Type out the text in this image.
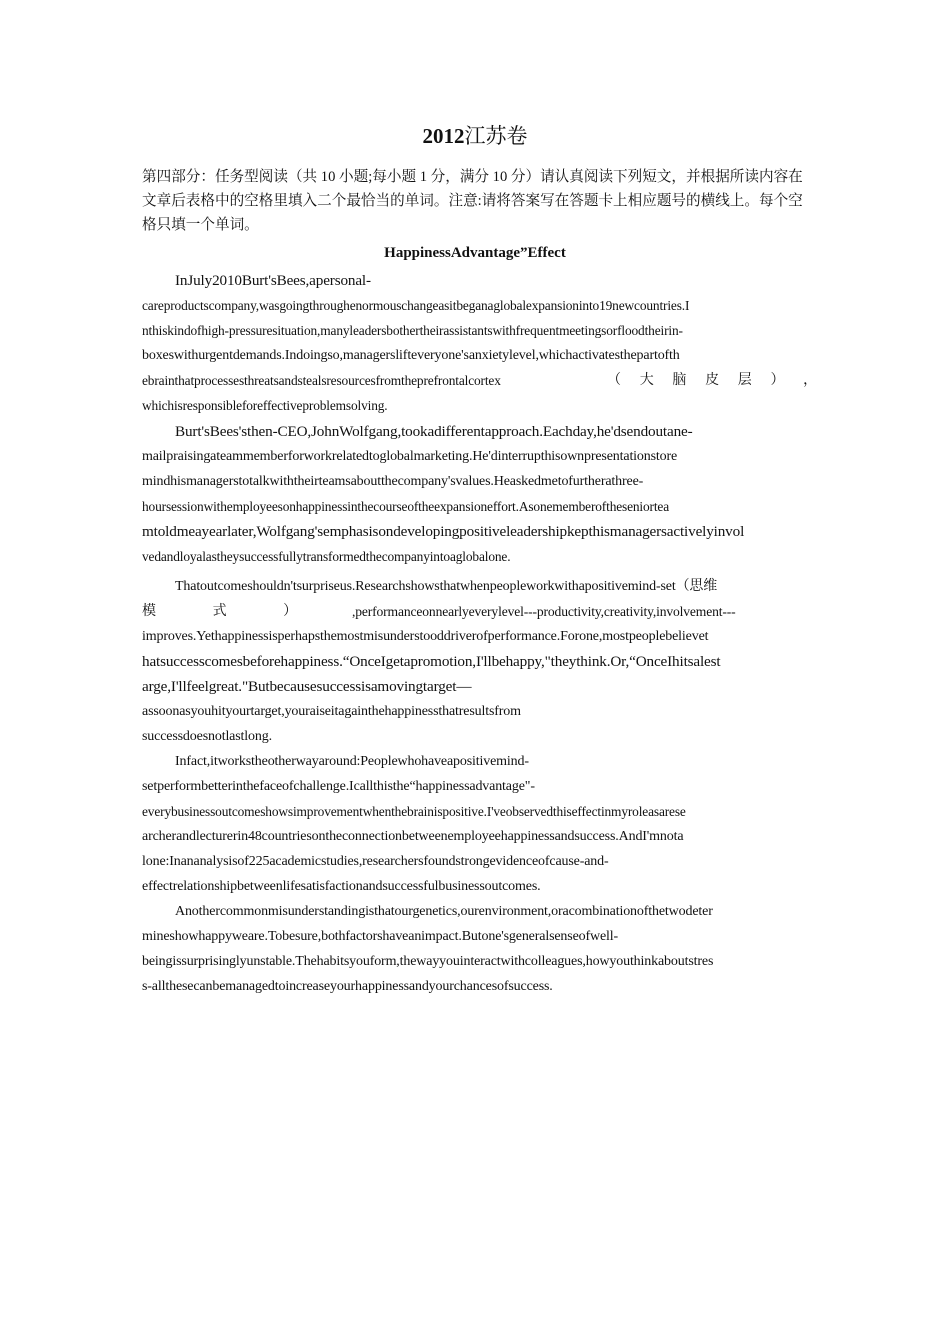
2012江苏卷

第四部分：任务型阅读（共 10 小题;每小题 1 分，满分 10 分）请认真阅读下列短文，并根据所读内容在文章后表格中的空格里填入二个最恰当的单词。注意:请将答案写在答题卡上相应题号的横线上。每个空格只填一个单词。

HappinessAdvantage”Effect

InJuly2010Burt'sBees,apersonal-

careproductscompany,wasgoingthroughenormouschangeasitbeganaglobalexpansioninto19newcountries.I

nthiskindofhigh-pressuresituation,manyleadersbothertheirassistantswithfrequentmeetingsorfloodtheirin-

boxeswithurgentdemands.Indoingso,managersliftеveryone'sanxietylevel,whichactivatesthepartofth

ebrainthatprocessesthreatsandstealsresourcesfromtheprefrontalcortex	（ 大 脑 皮 层 ） ，

whichisresponsibleforeffectiveproblemsolving.

Burt'sBees'sthen-CEO,JohnWolfgang,tookadifferentapproach.Eachday,he'dsendoutane-

mailpraisingateammemberforworkrelatedtoglobalmarketing.He'dinterrupthisownpresentationstore

mindhismanagerstotalkwiththeirteamsaboutthecompany'svalues.Heaskedmetofurtherathree-

hoursessionwithemployeesonhappinessinthecourseoftheexpansioneffort.Asonememberoftheseniortea

mtoldmeayearlater,Wolfgang'semphasisondevelopingpositiveleadershipkepthismanagersactivelyinvol

vedandloyalastheysuccessfullytransformedthecompanyintoaglobalone.

Thatoutcomeshouldn'tsurpriseus.Researchshowsthatwhenpeopleworkwithapositivemind-set（思维

模	式	）	,performanceonnearlyeverylevel---productivity,creativity,involvement---

improves.Yethappinessisperhapsthemostmisunderstooddriverofperformance.Forone,mostpeoplebelievet

hatsuccesscomesbeforehappiness.“OnceIgetapromotion,I'llbehappy,"theythink.Or,“OnceIhitsalest

arge,I'llfeelgreat."Butbecausesuccessisamovingtarget—

assoonasyouhityourtarget,youraiseitagainthehappinessthatresultsfrom

successdoesnotlastlong.

Infact,itworkstheotherwayaround:Peoplewhohaveapositivemind-

setperformbetterinthefaceofchallenge.Icallthisthe“happinessadvantage"-

everybusinessoutcomeshowsimprovementwhenthebrainispositive.I'veobservedthiseffectinmyroleasarese

archerandlecturerin48countriesontheconnectionbetweenemployeehappinessandsuccess.AndI'mnota

lone:Inananalysisof225academicstudies,researchersfoundstrongevidenceofcause-and-

effectrelationshipbetweenlifesatisfactionandsuccessfulbusinessoutcomes.

Anothercommonmisunderstandingisthatourgenetics,ourenvironment,oracombinationofthetwodeter

mineshowhappyweare.Tobesure,bothfactorshaveanimpact.Butone'sgeneralsenseofwell-

beingissurprisinglyunstable.Thehabitsyouform,thewayyouinteractwithcolleagues,howyouthinkaboutstres

s-allthesecanbemanagedtoincreaseyourhappinessandyourchancesofsuccess.
